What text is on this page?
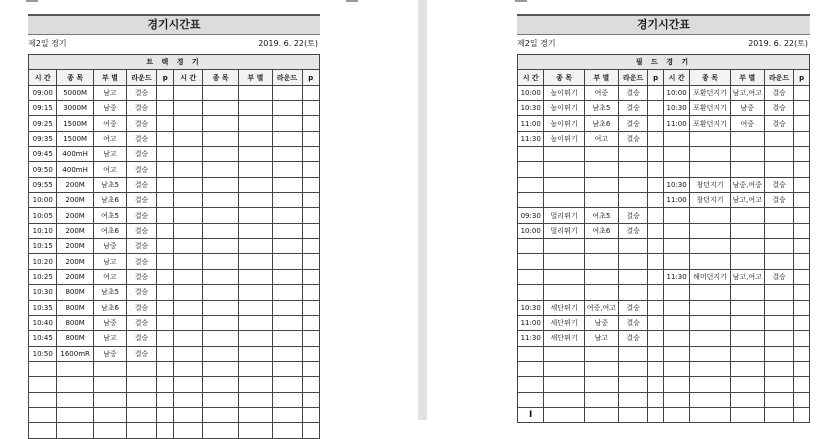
경기시간표
제2일 경기	2019. 6. 22(토)
트 랙 경 기									
시 간	종 목	부 별	라운드	p	시 간	종 목	부 별	라운드	p
09:00	5000M	남고	결승						
09:15	3000M	남중	결승						
09:25	1500M	여중	결승						
09:35	1500M	여고	결승						
09:45	400mH	남고	결승						
09:50	400mH	여고	결승						
09:55	200M	남초5	결승						
10:00	200M	남초6	결승						
10:05	200M	여초5	결승						
10:10	200M	여초6	결승						
10:15	200M	남중	결승						
10:20	200M	남고	결승						
10:25	200M	여고	결승						
10:30	800M	남초5	결승						
10:35	800M	남초6	결승						
10:40	800M	남중	결승						
10:45	800M	남고	결승						
10:50	1600mR	남중	결승						

경기시간표
제2일 경기	2019. 6. 22(토)
필 드 경 기									
시 간	종 목	부 별	라운드	p	시 간	종 목	부 별	라운드	p
10:00	높이뛰기	여중	결승		10:00	포환던지기	남고,여고	결승	
10:30	높이뛰기	남초5	결승		10:30	포환던지기	남중	결승	
11:00	높이뛰기	남초6	결승		11:00	포환던지기	여중	결승	
11:30	높이뛰기	여고	결승						

					10:30	창던지기	남중,여중	결승	
					11:00	창던지기	남고,여고	결승	
09:30	멀리뛰기	여초5	결승						
10:00	멀리뛰기	여초6	결승						

					11:30	해머던지기	남고,여고	결승	

10:30	세단뛰기	여중,여고	결승						
11:00	세단뛰기	남중	결승						
11:30	세단뛰기	남고	결승						

I									
